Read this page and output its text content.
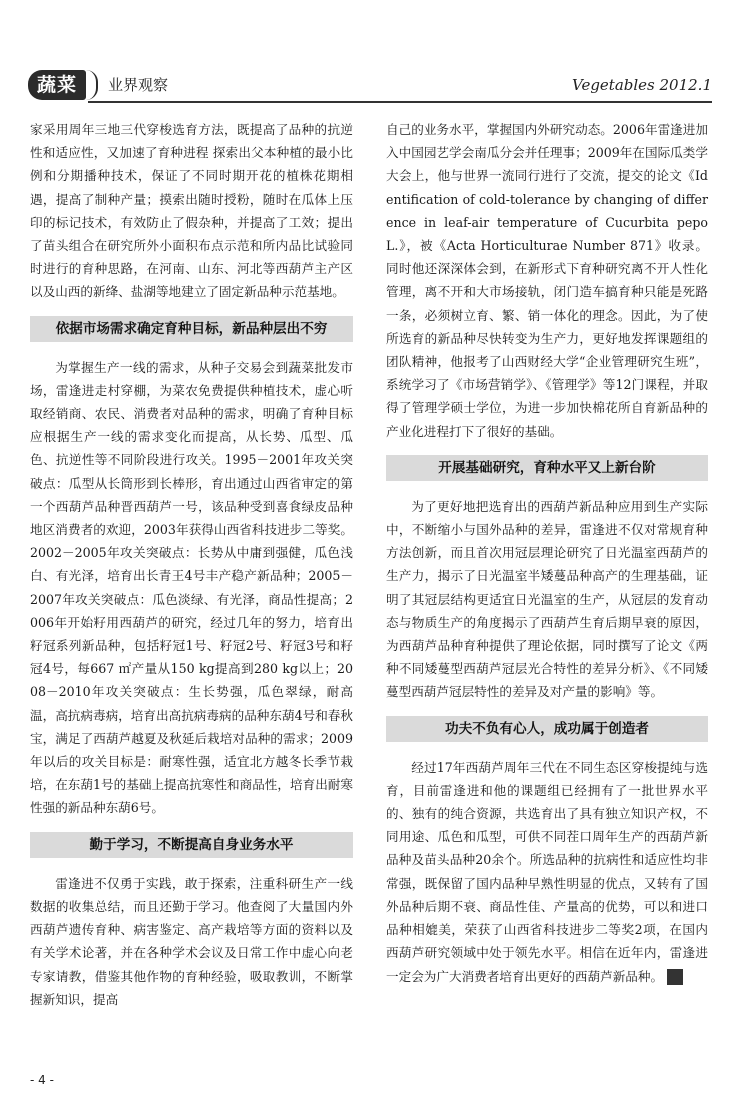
蔬菜	业界观察	Vegetables 2012.1

家采用周年三地三代穿梭选育方法，既提高了品种的抗逆性和适应性，又加速了育种进程 探索出父本种植的最小比例和分期播种技术，保证了不同时期开花的植株花期相遇，提高了制种产量；摸索出随时授粉，随时在瓜体上压印的标记技术，有效防止了假杂种，并提高了工效；提出了苗头组合在研究所外小面积布点示范和所内品比试验同时进行的育种思路，在河南、山东、河北等西葫芦主产区以及山西的新绛、盐湖等地建立了固定新品种示范基地。

依据市场需求确定育种目标，新品种层出不穷

为掌握生产一线的需求，从种子交易会到蔬菜批发市场，雷逢进走村穿棚，为菜农免费提供种植技术，虚心听取经销商、农民、消费者对品种的需求，明确了育种目标应根据生产一线的需求变化而提高，从长势、瓜型、瓜色、抗逆性等不同阶段进行攻关。1995－2001年攻关突破点：瓜型从长筒形到长棒形，育出通过山西省审定的第一个西葫芦品种晋西葫芦一号，该品种受到喜食绿皮品种地区消费者的欢迎，2003年获得山西省科技进步二等奖。2002－2005年攻关突破点：长势从中庸到强健，瓜色浅白、有光泽，培育出长青王4号丰产稳产新品种；2005－2007年攻关突破点：瓜色淡绿、有光泽，商品性提高；2006年开始籽用西葫芦的研究，经过几年的努力，培育出籽冠系列新品种，包括籽冠1号、籽冠2号、籽冠3号和籽冠4号，每667 ㎡产量从150 kg提高到280 kg以上；2008－2010年攻关突破点：生长势强，瓜色翠绿，耐高温，高抗病毒病，培育出高抗病毒病的品种东葫4号和春秋宝，满足了西葫芦越夏及秋延后栽培对品种的需求；2009年以后的攻关目标是：耐寒性强，适宜北方越冬长季节栽培，在东葫1号的基础上提高抗寒性和商品性，培育出耐寒性强的新品种东葫6号。

勤于学习，不断提高自身业务水平

雷逢进不仅勇于实践，敢于探索，注重科研生产一线数据的收集总结，而且还勤于学习。他查阅了大量国内外西葫芦遗传育种、病害鉴定、高产栽培等方面的资料以及有关学术论著，并在各种学术会议及日常工作中虚心向老专家请教，借鉴其他作物的育种经验，吸取教训，不断掌握新知识，提高

自己的业务水平，掌握国内外研究动态。2006年雷逢进加入中国园艺学会南瓜分会并任理事；2009年在国际瓜类学大会上，他与世界一流同行进行了交流，提交的论文《Identification of cold-tolerance by changing of difference in leaf-air temperature of Cucurbita pepo L.》，被《Acta Horticulturae Number 871》收录。同时他还深深体会到，在新形式下育种研究离不开人性化管理，离不开和大市场接轨，闭门造车搞育种只能是死路一条，必须树立育、繁、销一体化的理念。因此，为了使所选育的新品种尽快转变为生产力，更好地发挥课题组的团队精神，他报考了山西财经大学“企业管理研究生班”，系统学习了《市场营销学》、《管理学》等12门课程，并取得了管理学硕士学位，为进一步加快棉花所自育新品种的产业化进程打下了很好的基础。

开展基础研究，育种水平又上新台阶

为了更好地把选育出的西葫芦新品种应用到生产实际中，不断缩小与国外品种的差异，雷逢进不仅对常规育种方法创新，而且首次用冠层理论研究了日光温室西葫芦的生产力，揭示了日光温室半矮蔓品种高产的生理基础，证明了其冠层结构更适宜日光温室的生产，从冠层的发育动态与物质生产的角度揭示了西葫芦生育后期早衰的原因，为西葫芦品种育种提供了理论依据，同时撰写了论文《两种不同矮蔓型西葫芦冠层光合特性的差异分析》、《不同矮蔓型西葫芦冠层特性的差异及对产量的影响》等。

功夫不负有心人，成功属于创造者

经过17年西葫芦周年三代在不同生态区穿梭提纯与选育，目前雷逢进和他的课题组已经拥有了一批世界水平的、独有的纯合资源，共选育出了具有独立知识产权，不同用途、瓜色和瓜型，可供不同茬口周年生产的西葫芦新品种及苗头品种20余个。所选品种的抗病性和适应性均非常强，既保留了国内品种早熟性明显的优点，又转有了国外品种后期不衰、商品性佳、产量高的优势，可以和进口品种相媲美，荣获了山西省科技进步二等奖2项，在国内西葫芦研究领域中处于领先水平。相信在近年内，雷逢进一定会为广大消费者培育出更好的西葫芦新品种。	蔬

- 4 -
